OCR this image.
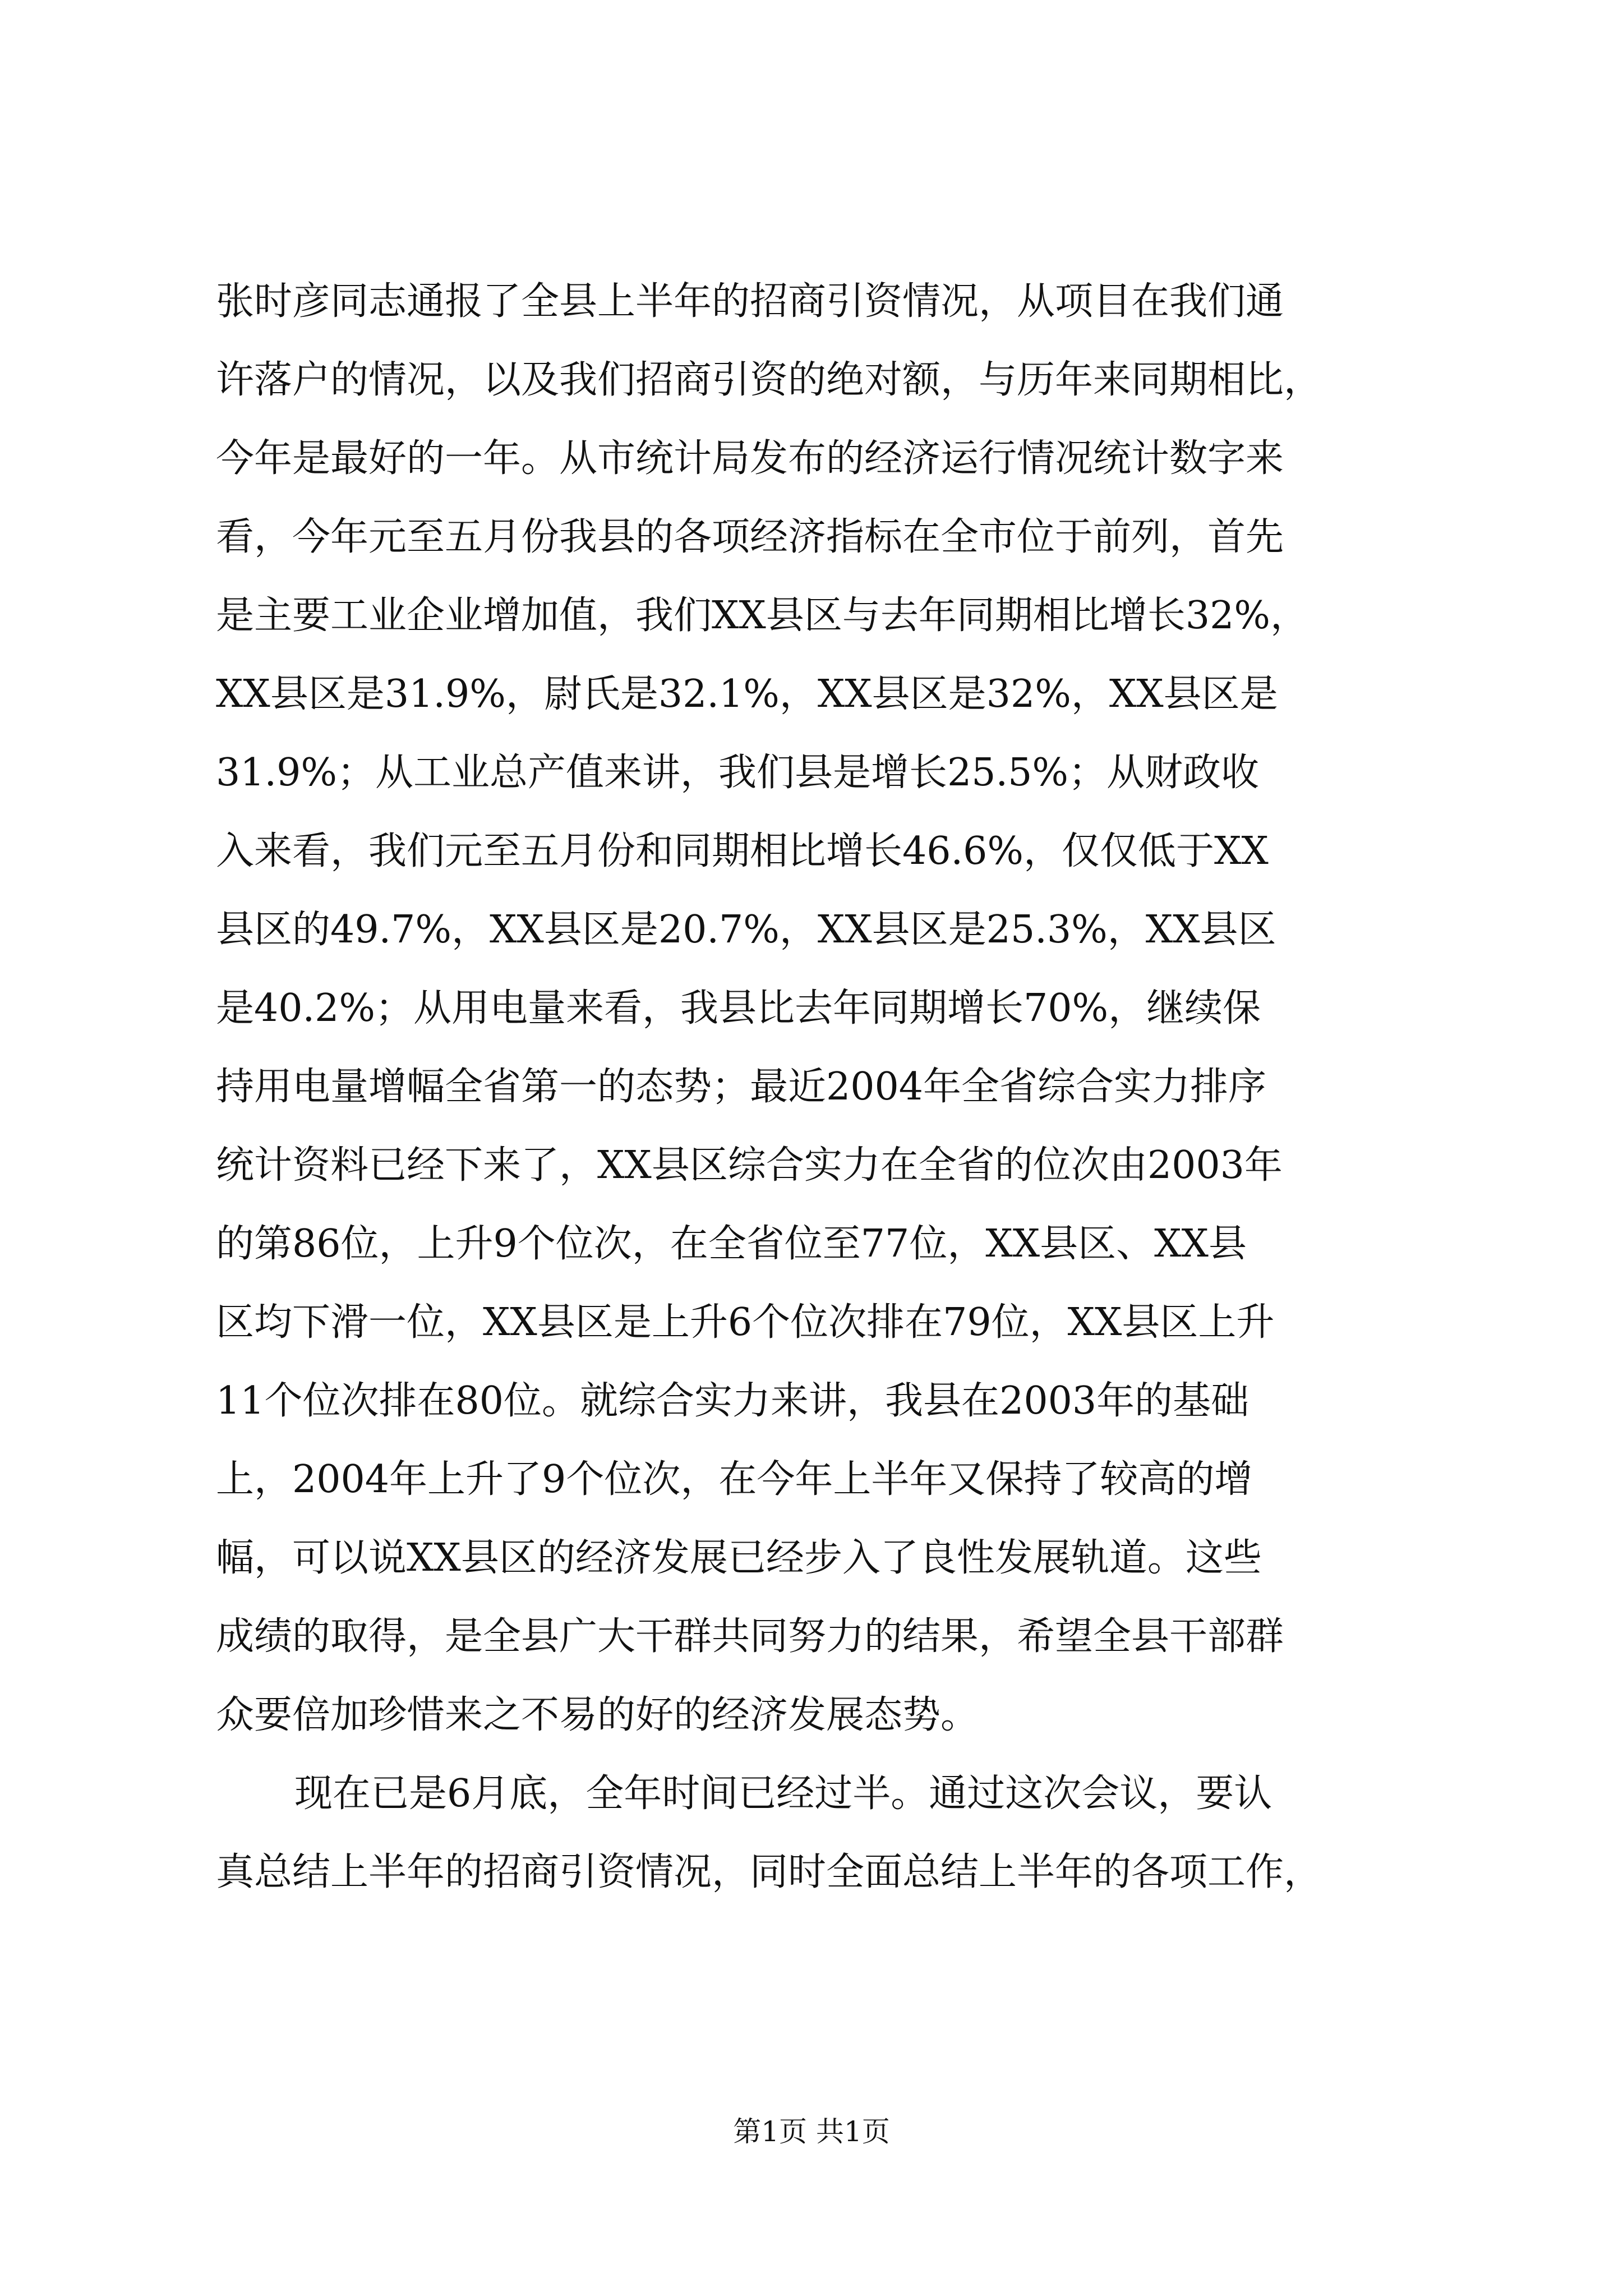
张时彦同志通报了全县上半年的招商引资情况，从项目在我们通
许落户的情况，以及我们招商引资的绝对额，与历年来同期相比，
今年是最好的一年。从市统计局发布的经济运行情况统计数字来
看，今年元至五月份我县的各项经济指标在全市位于前列，首先
是主要工业企业增加值，我们XX县区与去年同期相比增长32%，
XX县区是31.9%，尉氏是32.1%，XX县区是32%，XX县区是
31.9%；从工业总产值来讲，我们县是增长25.5%；从财政收
入来看，我们元至五月份和同期相比增长46.6%，仅仅低于XX
县区的49.7%，XX县区是20.7%，XX县区是25.3%，XX县区
是40.2%；从用电量来看，我县比去年同期增长70%，继续保
持用电量增幅全省第一的态势；最近2004年全省综合实力排序
统计资料已经下来了，XX县区综合实力在全省的位次由2003年
的第86位，上升9个位次，在全省位至77位，XX县区、XX县
区均下滑一位，XX县区是上升6个位次排在79位，XX县区上升
11个位次排在80位。就综合实力来讲，我县在2003年的基础
上，2004年上升了9个位次，在今年上半年又保持了较高的增
幅，可以说XX县区的经济发展已经步入了良性发展轨道。这些
成绩的取得，是全县广大干群共同努力的结果，希望全县干部群
众要倍加珍惜来之不易的好的经济发展态势。
现在已是6月底，全年时间已经过半。通过这次会议，要认
真总结上半年的招商引资情况，同时全面总结上半年的各项工作，
第1页 共1页
